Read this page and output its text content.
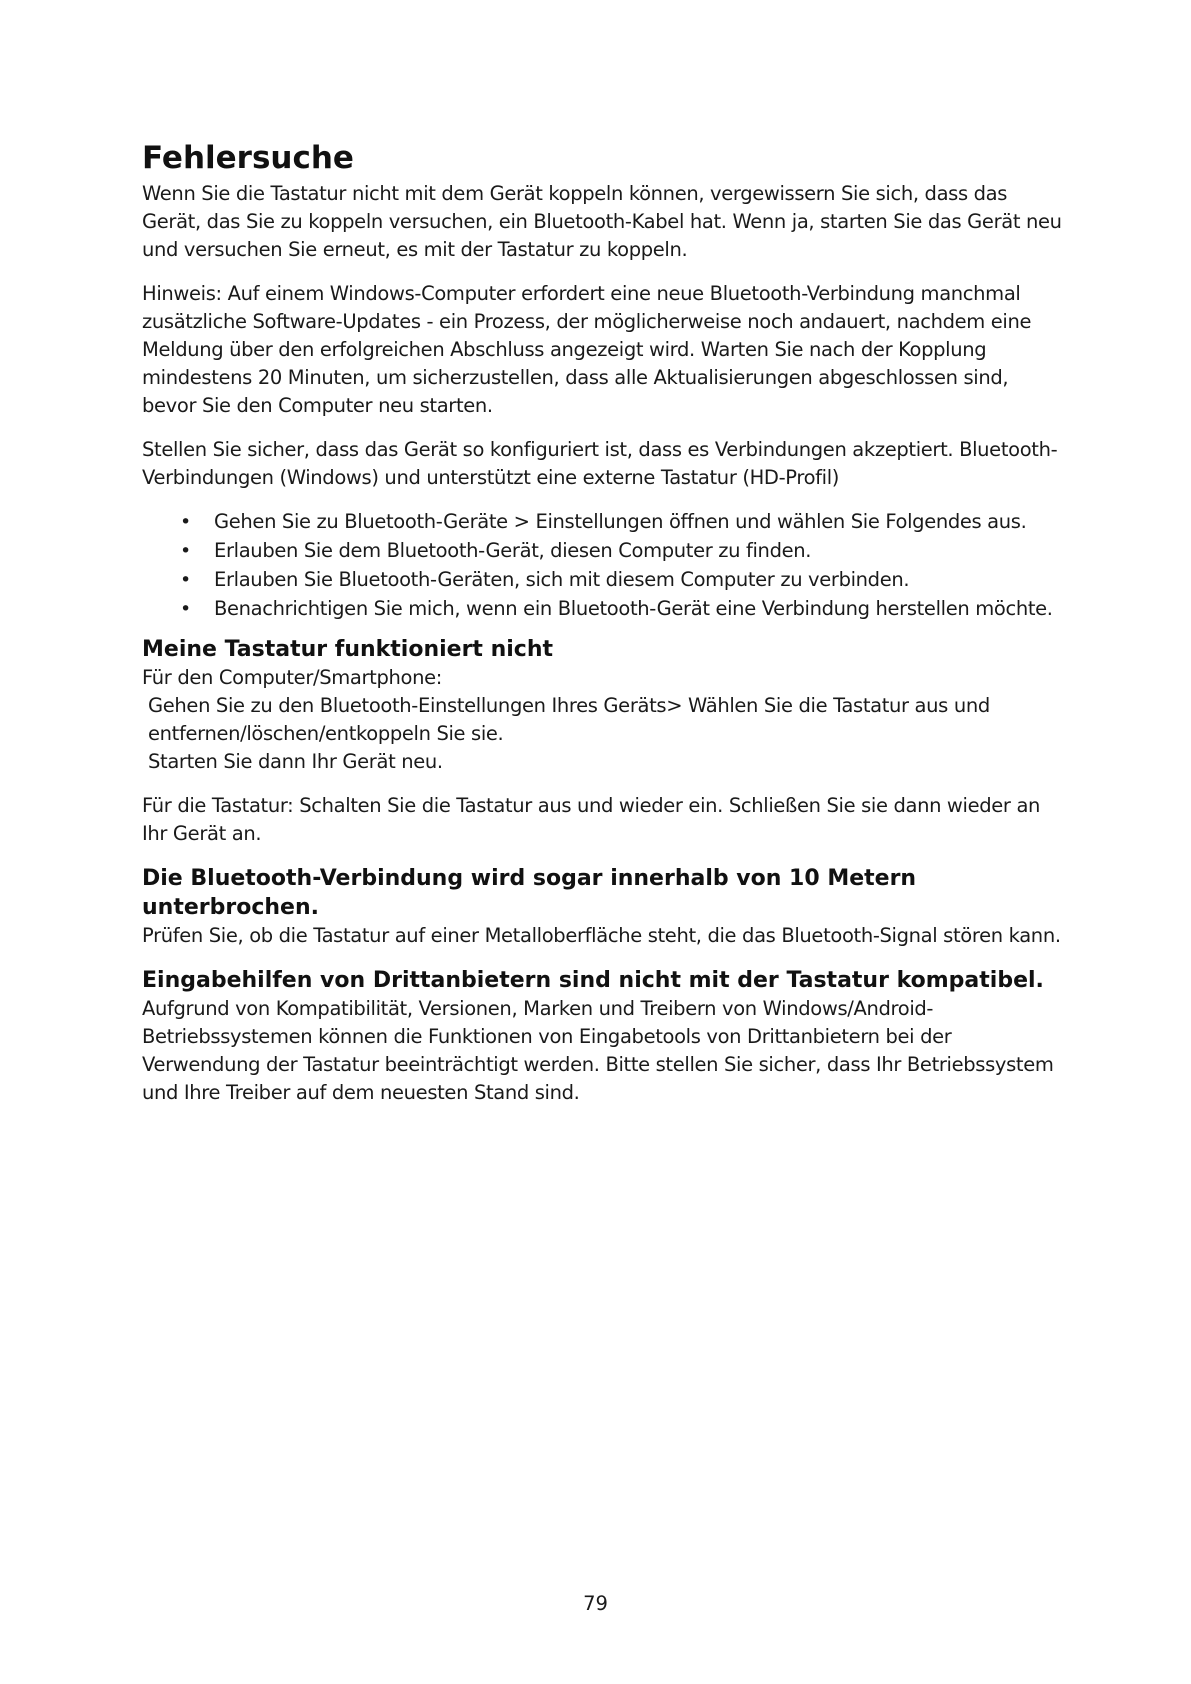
Fehlersuche

Wenn Sie die Tastatur nicht mit dem Gerät koppeln können, vergewissern Sie sich, dass das Gerät, das Sie zu koppeln versuchen, ein Bluetooth-Kabel hat. Wenn ja, starten Sie das Gerät neu und versuchen Sie erneut, es mit der Tastatur zu koppeln.

Hinweis: Auf einem Windows-Computer erfordert eine neue Bluetooth-Verbindung manchmal zusätzliche Software-Updates - ein Prozess, der möglicherweise noch andauert, nachdem eine Meldung über den erfolgreichen Abschluss angezeigt wird. Warten Sie nach der Kopplung mindestens 20 Minuten, um sicherzustellen, dass alle Aktualisierungen abgeschlossen sind, bevor Sie den Computer neu starten.

Stellen Sie sicher, dass das Gerät so konfiguriert ist, dass es Verbindungen akzeptiert. Bluetooth-Verbindungen (Windows) und unterstützt eine externe Tastatur (HD-Profil)

• Gehen Sie zu Bluetooth-Geräte > Einstellungen öffnen und wählen Sie Folgendes aus.
• Erlauben Sie dem Bluetooth-Gerät, diesen Computer zu finden.
• Erlauben Sie Bluetooth-Geräten, sich mit diesem Computer zu verbinden.
• Benachrichtigen Sie mich, wenn ein Bluetooth-Gerät eine Verbindung herstellen möchte.
Meine Tastatur funktioniert nicht

Für den Computer/Smartphone:

Gehen Sie zu den Bluetooth-Einstellungen Ihres Geräts> Wählen Sie die Tastatur aus und entfernen/löschen/entkoppeln Sie sie.

Starten Sie dann Ihr Gerät neu.

Für die Tastatur: Schalten Sie die Tastatur aus und wieder ein. Schließen Sie sie dann wieder an Ihr Gerät an.

Die Bluetooth-Verbindung wird sogar innerhalb von 10 Metern unterbrochen.

Prüfen Sie, ob die Tastatur auf einer Metalloberfläche steht, die das Bluetooth-Signal stören kann.

Eingabehilfen von Drittanbietern sind nicht mit der Tastatur kompatibel.

Aufgrund von Kompatibilität, Versionen, Marken und Treibern von Windows/Android-Betriebssystemen können die Funktionen von Eingabetools von Drittanbietern bei der Verwendung der Tastatur beeinträchtigt werden. Bitte stellen Sie sicher, dass Ihr Betriebssystem und Ihre Treiber auf dem neuesten Stand sind.

79
